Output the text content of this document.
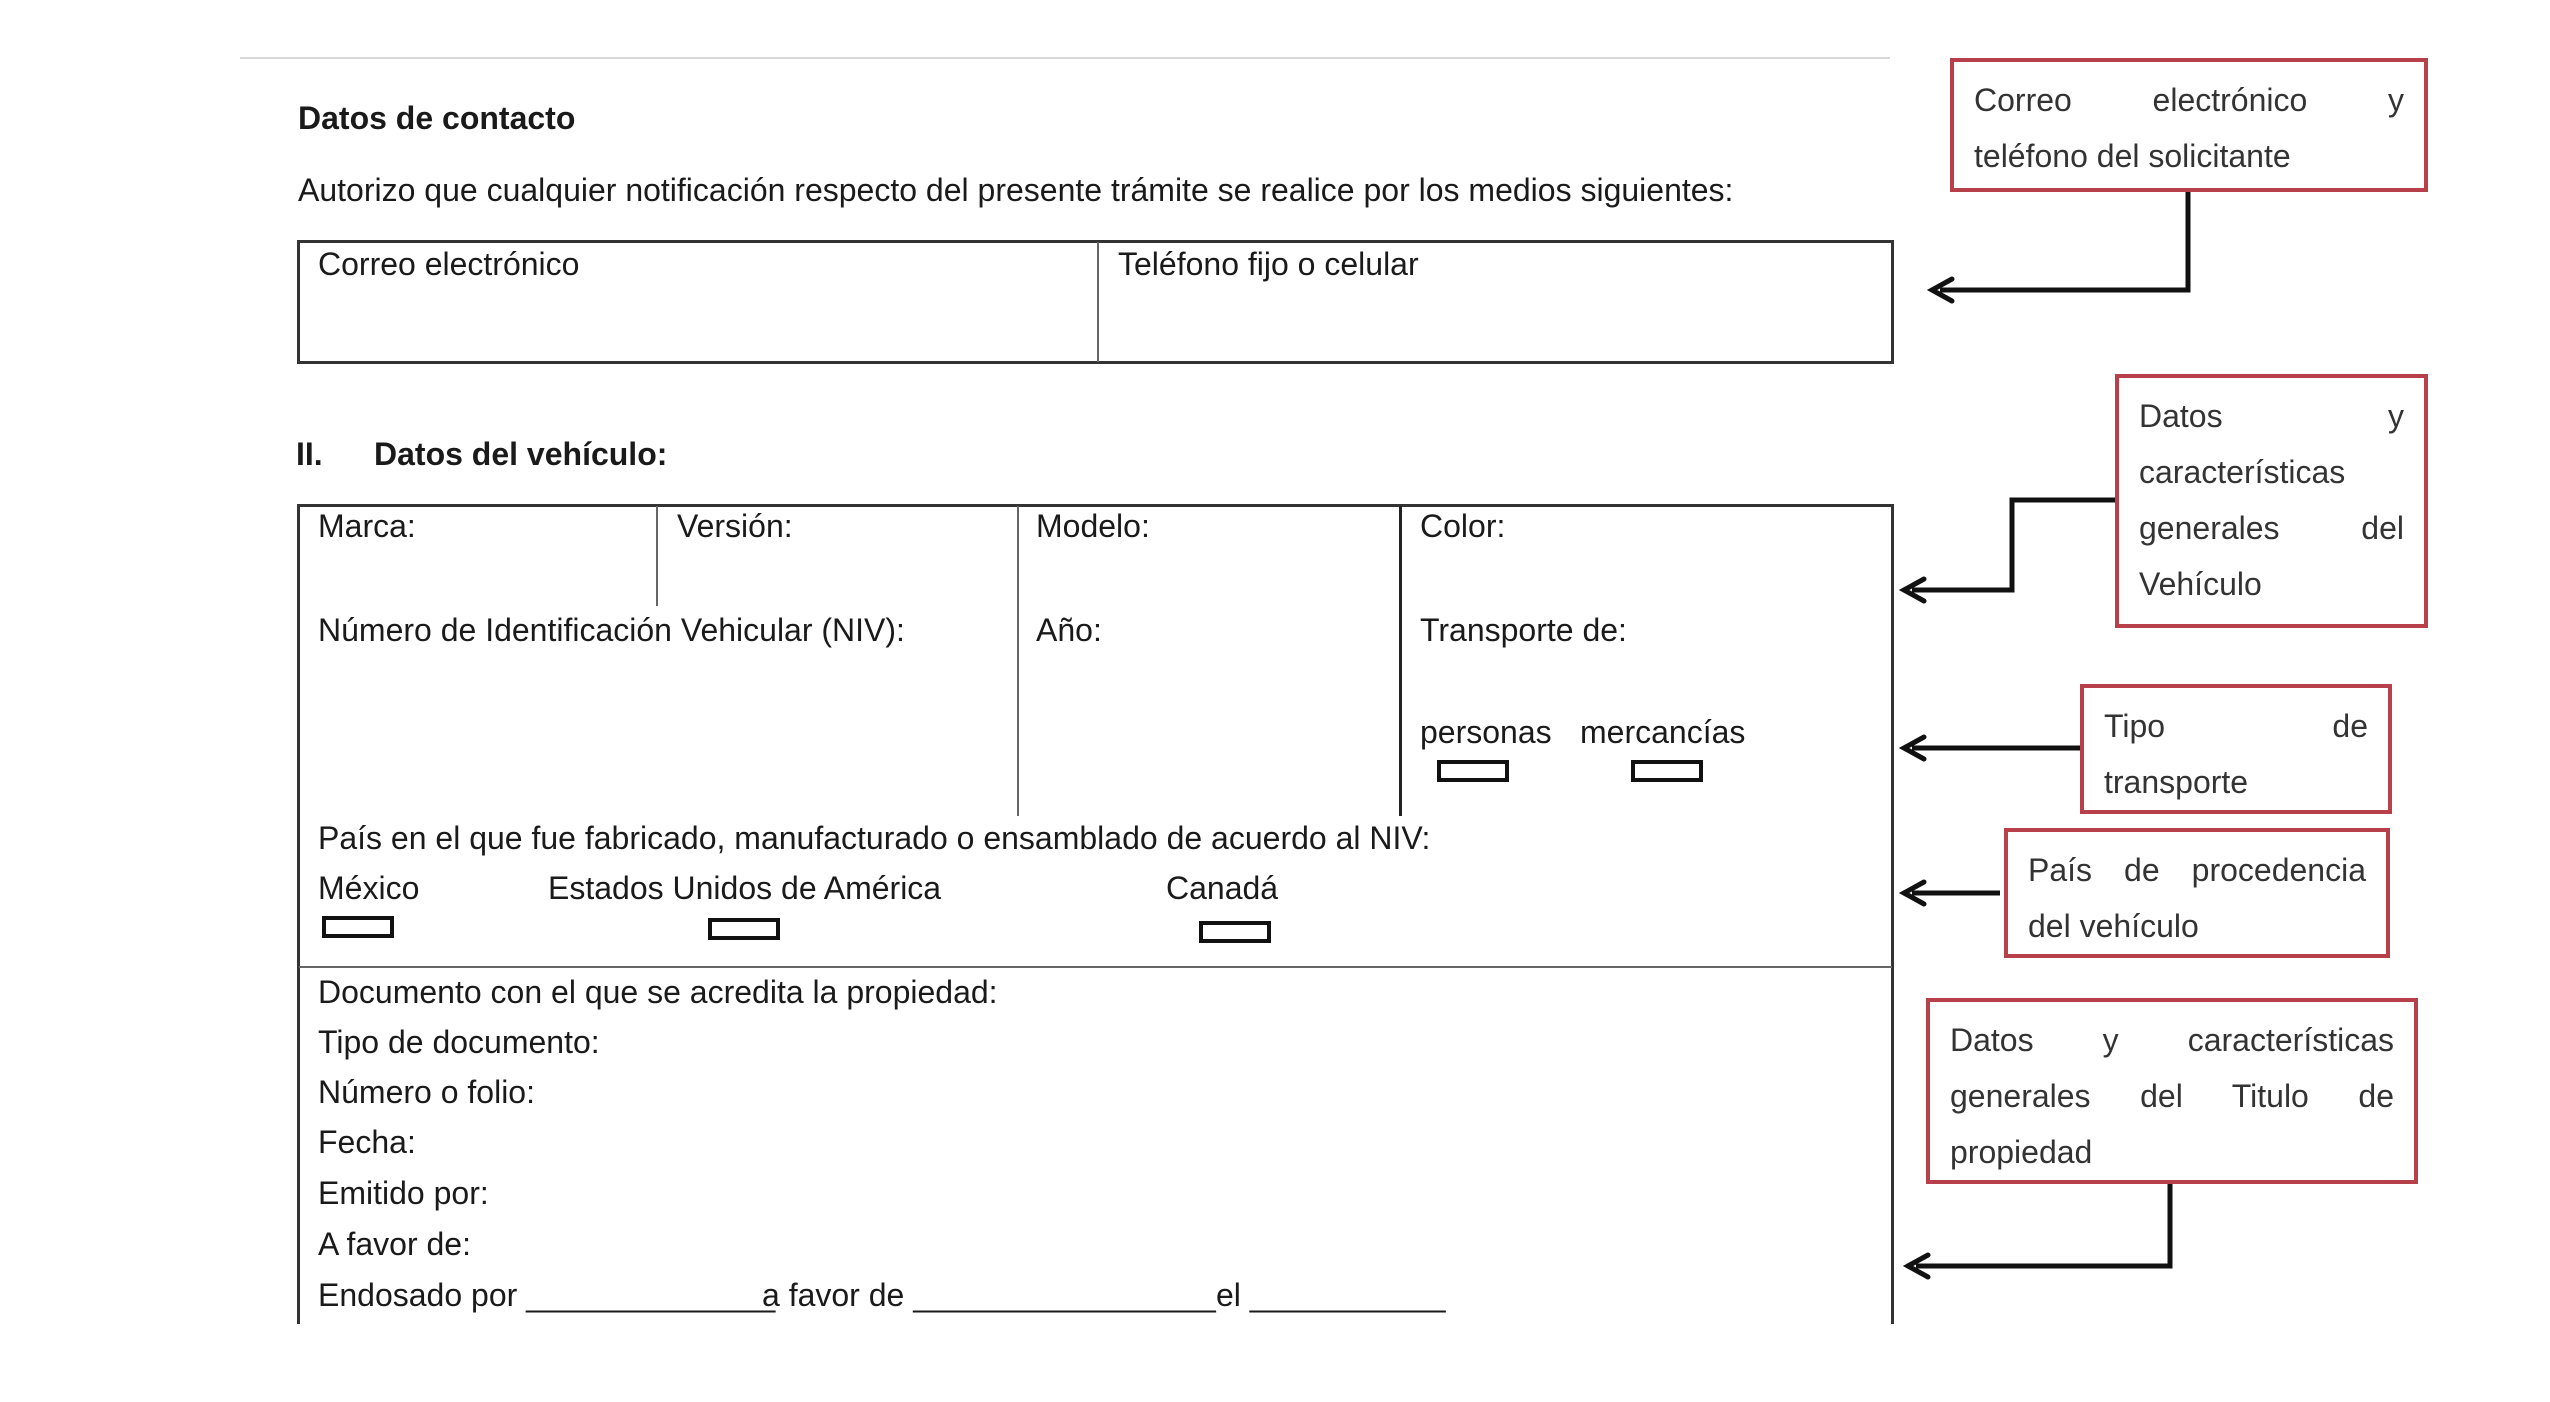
Datos de contacto
Autorizo que cualquier notificación respecto del presente trámite se realice por los medios siguientes:
Correo electrónico	Teléfono fijo o celular
II. Datos del vehículo:
Marca:	Versión:	Modelo:	Color:
Número de Identificación Vehicular (NIV):	Año:	Transporte de:
personas mercancías
País en el que fue fabricado, manufacturado o ensamblado de acuerdo al NIV:
México	Estados Unidos de América	Canadá
Documento con el que se acredita la propiedad:
Tipo de documento:
Número o folio:
Fecha:
Emitido por:
A favor de:
Endosado por ______________
a favor de _________________ el ___________
Correo electrónico y
teléfono del solicitante
Datos y
características
generales del
Vehículo
Tipo de
transporte
País de procedencia
del vehículo
Datos y características
generales del Titulo de
propiedad
